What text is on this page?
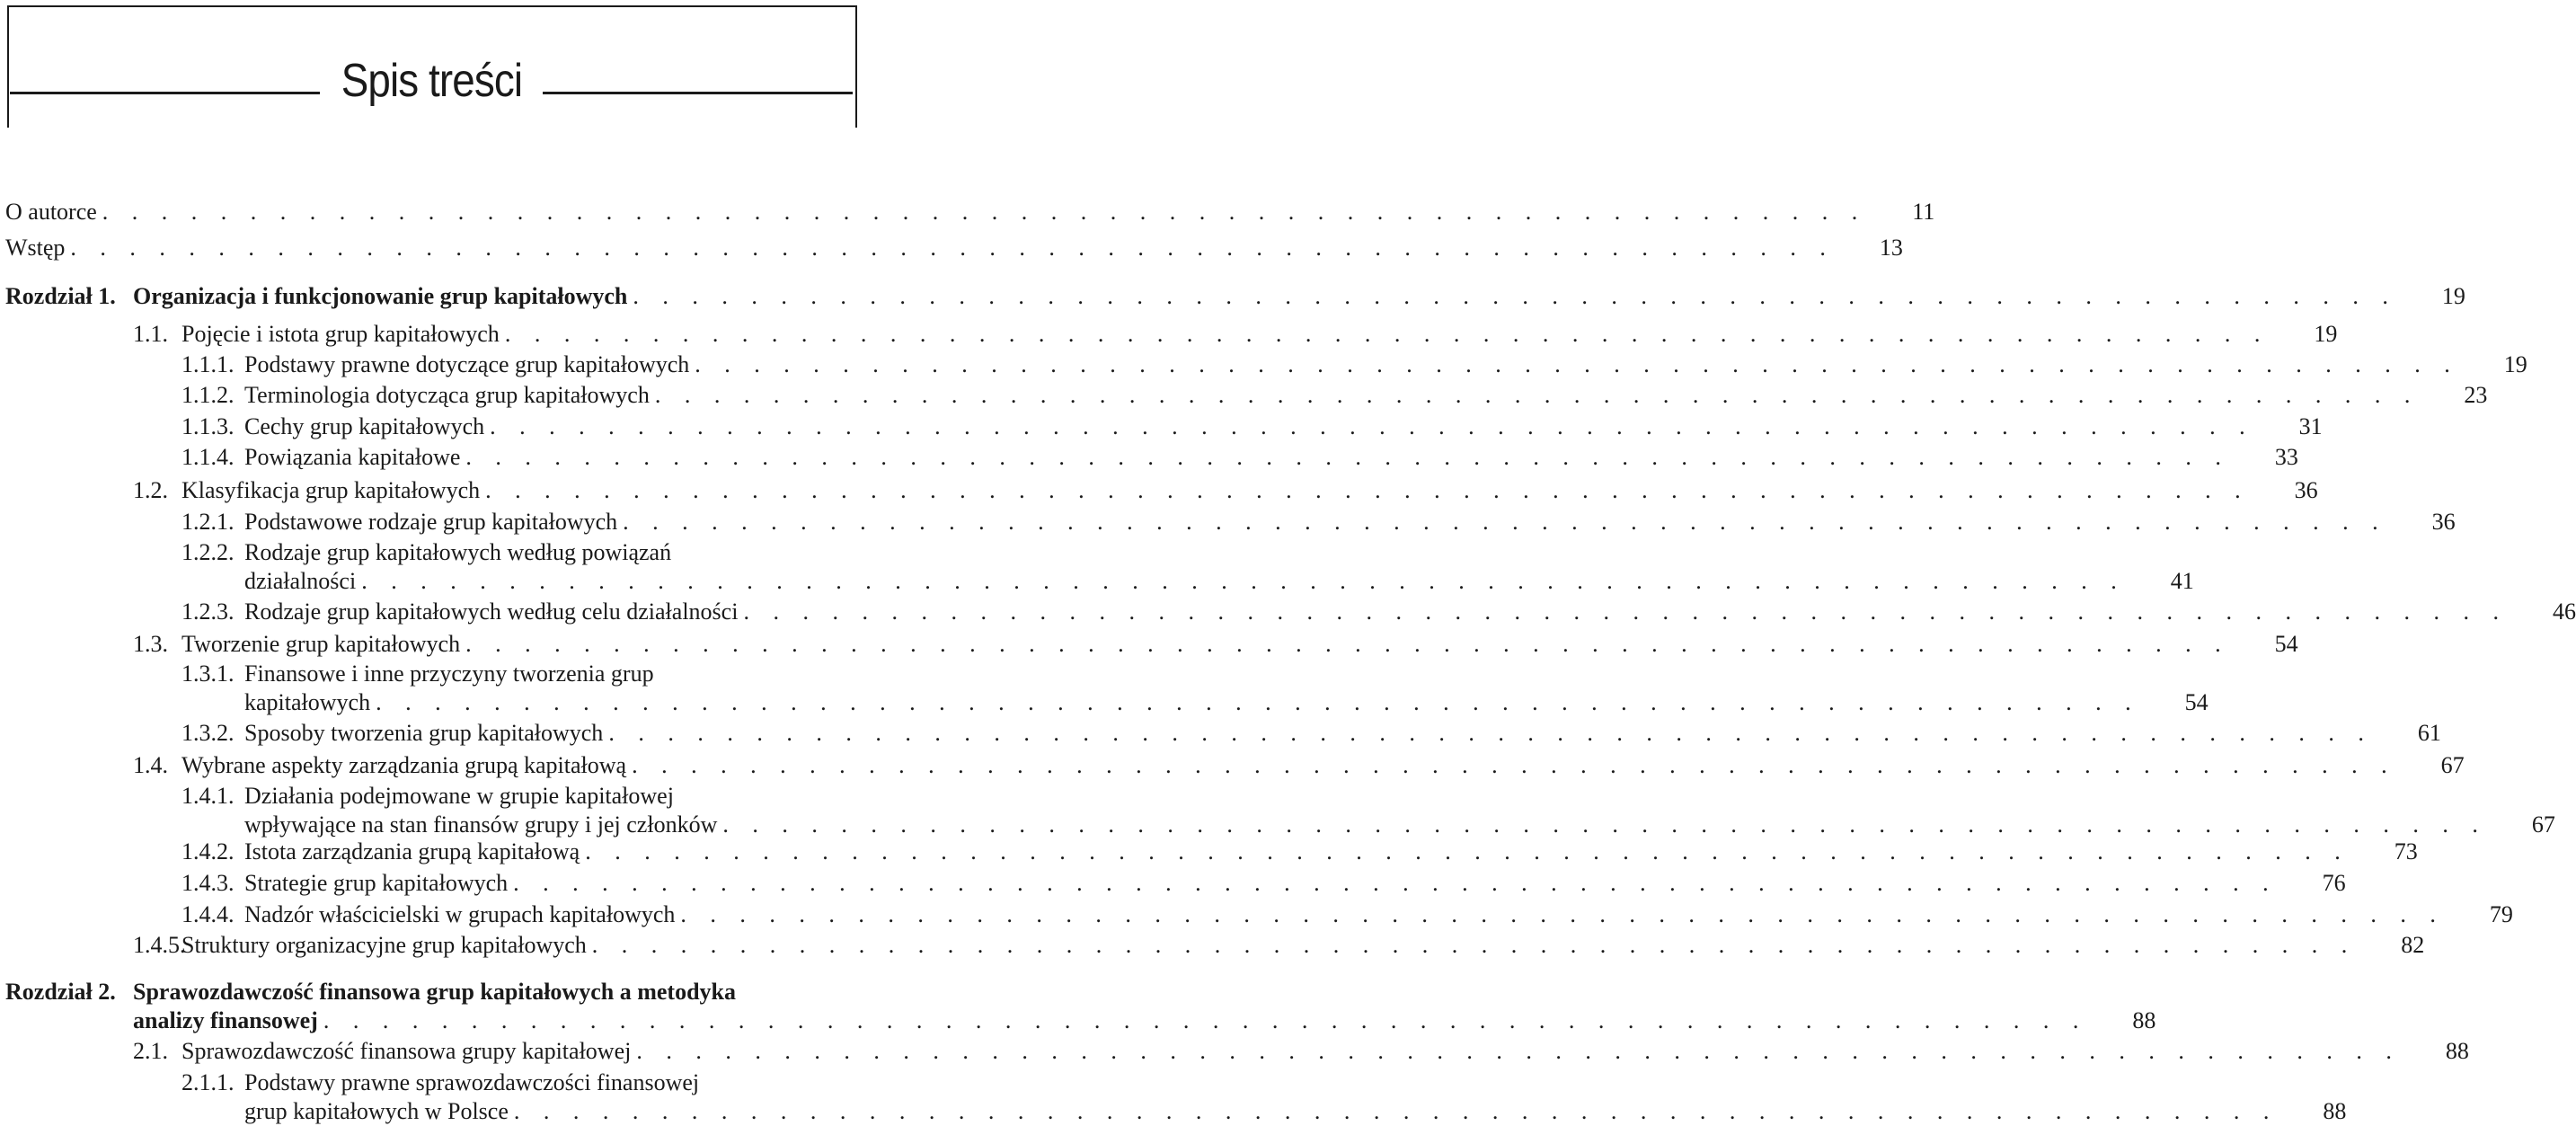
Spis treści
O autorce . . . . . . . . . . . . . . . . . . . . . . . . . . . . . . . . . . . . . . . . . . . . . . . . . . . . . . . . . . . .	11
Wstęp . . . . . . . . . . . . . . . . . . . . . . . . . . . . . . . . . . . . . . . . . . . . . . . . . . . . . . . . . . . .	13
Rozdział 1. Organizacja i funkcjonowanie grup kapitałowych . . . . . . . . . . . . . . . . . . . . . . . . . . . . . . . . . . . . . . . . . . . . . . . . . . . . . . . . . . . .	19
1.1. Pojęcie i istota grup kapitałowych . . . . . . . . . . . . . . . . . . . . . . . . . . . . . . . . . . . . . . . . . . . . . . . . . . . . . . . . . . . .	19
1.1.1. Podstawy prawne dotyczące grup kapitałowych . . . . . . . . . . . . . . . . . . . . . . . . . . . . . . . . . . . . . . . . . . . . . . . . . . . . . . . . . . . .	19
1.1.2. Terminologia dotycząca grup kapitałowych . . . . . . . . . . . . . . . . . . . . . . . . . . . . . . . . . . . . . . . . . . . . . . . . . . . . . . . . . . . .	23
1.1.3. Cechy grup kapitałowych . . . . . . . . . . . . . . . . . . . . . . . . . . . . . . . . . . . . . . . . . . . . . . . . . . . . . . . . . . . .	31
1.1.4. Powiązania kapitałowe . . . . . . . . . . . . . . . . . . . . . . . . . . . . . . . . . . . . . . . . . . . . . . . . . . . . . . . . . . . .	33
1.2. Klasyfikacja grup kapitałowych . . . . . . . . . . . . . . . . . . . . . . . . . . . . . . . . . . . . . . . . . . . . . . . . . . . . . . . . . . . .	36
1.2.1. Podstawowe rodzaje grup kapitałowych . . . . . . . . . . . . . . . . . . . . . . . . . . . . . . . . . . . . . . . . . . . . . . . . . . . . . . . . . . . .	36
1.2.2. Rodzaje grup kapitałowych według powiązań
działalności . . . . . . . . . . . . . . . . . . . . . . . . . . . . . . . . . . . . . . . . . . . . . . . . . . . . . . . . . . . .	41
1.2.3. Rodzaje grup kapitałowych według celu działalności . . . . . . . . . . . . . . . . . . . . . . . . . . . . . . . . . . . . . . . . . . . . . . . . . . . . . . . . . . . .	46
1.3. Tworzenie grup kapitałowych . . . . . . . . . . . . . . . . . . . . . . . . . . . . . . . . . . . . . . . . . . . . . . . . . . . . . . . . . . . .	54
1.3.1. Finansowe i inne przyczyny tworzenia grup
kapitałowych . . . . . . . . . . . . . . . . . . . . . . . . . . . . . . . . . . . . . . . . . . . . . . . . . . . . . . . . . . . .	54
1.3.2. Sposoby tworzenia grup kapitałowych . . . . . . . . . . . . . . . . . . . . . . . . . . . . . . . . . . . . . . . . . . . . . . . . . . . . . . . . . . . .	61
1.4. Wybrane aspekty zarządzania grupą kapitałową . . . . . . . . . . . . . . . . . . . . . . . . . . . . . . . . . . . . . . . . . . . . . . . . . . . . . . . . . . . .	67
1.4.1. Działania podejmowane w grupie kapitałowej
wpływające na stan finansów grupy i jej członków . . . . . . . . . . . . . . . . . . . . . . . . . . . . . . . . . . . . . . . . . . . . . . . . . . . . . . . . . . . .	67
1.4.2. Istota zarządzania grupą kapitałową . . . . . . . . . . . . . . . . . . . . . . . . . . . . . . . . . . . . . . . . . . . . . . . . . . . . . . . . . . . .	73
1.4.3. Strategie grup kapitałowych . . . . . . . . . . . . . . . . . . . . . . . . . . . . . . . . . . . . . . . . . . . . . . . . . . . . . . . . . . . .	76
1.4.4. Nadzór właścicielski w grupach kapitałowych . . . . . . . . . . . . . . . . . . . . . . . . . . . . . . . . . . . . . . . . . . . . . . . . . . . . . . . . . . . .	79
1.4.5.
Struktury organizacyjne grup kapitałowych . . . . . . . . . . . . . . . . . . . . . . . . . . . . . . . . . . . . . . . . . . . . . . . . . . . . . . . . . . . .	82
Rozdział 2. Sprawozdawczość finansowa grup kapitałowych a metodyka
analizy finansowej . . . . . . . . . . . . . . . . . . . . . . . . . . . . . . . . . . . . . . . . . . . . . . . . . . . . . . . . . . . .	88
2.1. Sprawozdawczość finansowa grupy kapitałowej . . . . . . . . . . . . . . . . . . . . . . . . . . . . . . . . . . . . . . . . . . . . . . . . . . . . . . . . . . . .	88
2.1.1. Podstawy prawne sprawozdawczości finansowej
grup kapitałowych w Polsce . . . . . . . . . . . . . . . . . . . . . . . . . . . . . . . . . . . . . . . . . . . . . . . . . . . . . . . . . . . .	88
